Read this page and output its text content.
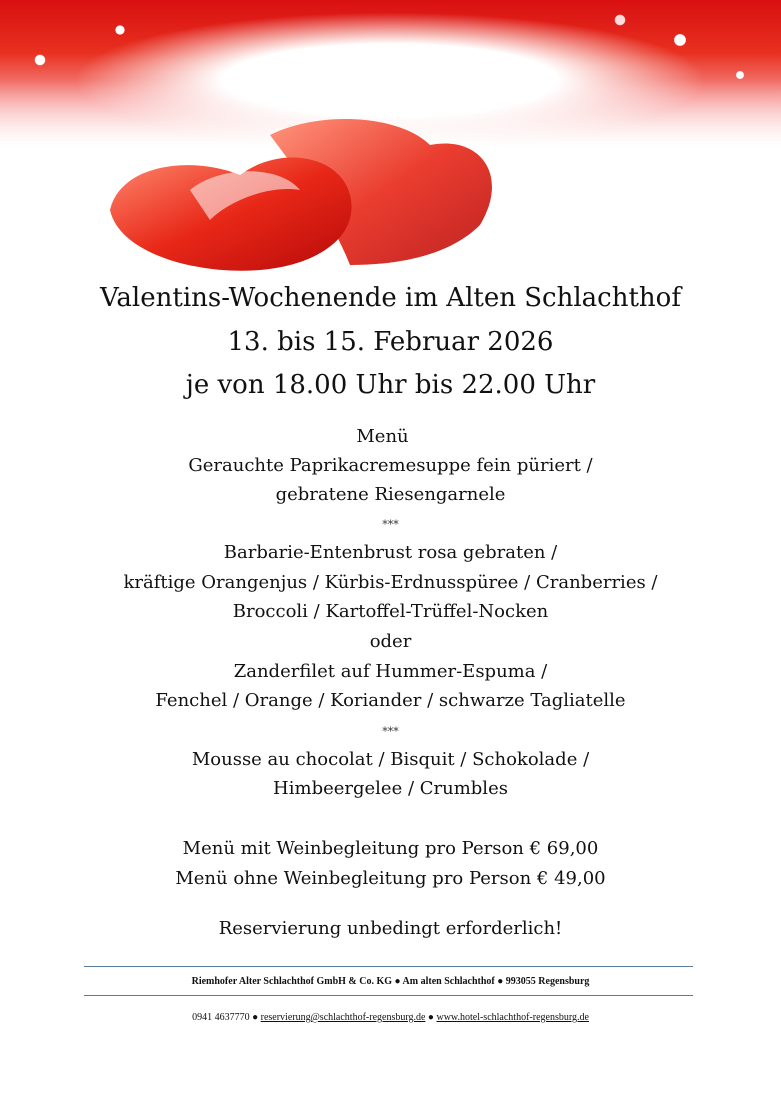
Valentins-Wochenende im Alten Schlachthof
13. bis 15. Februar 2026
je von 18.00 Uhr bis 22.00 Uhr
Menü
Gerauchte Paprikacremesuppe fein püriert /
gebratene Riesengarnele
***
Barbarie-Entenbrust rosa gebraten /
kräftige Orangenjus / Kürbis-Erdnusspüree / Cranberries /
Broccoli / Kartoffel-Trüffel-Nocken
oder
Zanderfilet auf Hummer-Espuma /
Fenchel / Orange / Koriander / schwarze Tagliatelle
***
Mousse au chocolat / Bisquit / Schokolade /
Himbeergelee / Crumbles
Menü mit Weinbegleitung pro Person € 69,00
Menü ohne Weinbegleitung pro Person € 49,00
Reservierung unbedingt erforderlich!
Riemhofer Alter Schlachthof GmbH & Co. KG ● Am alten Schlachthof ● 993055 Regensburg
0941 4637770 ● reservierung@schlachthof-regensburg.de ● www.hotel-schlachthof-regensburg.de
